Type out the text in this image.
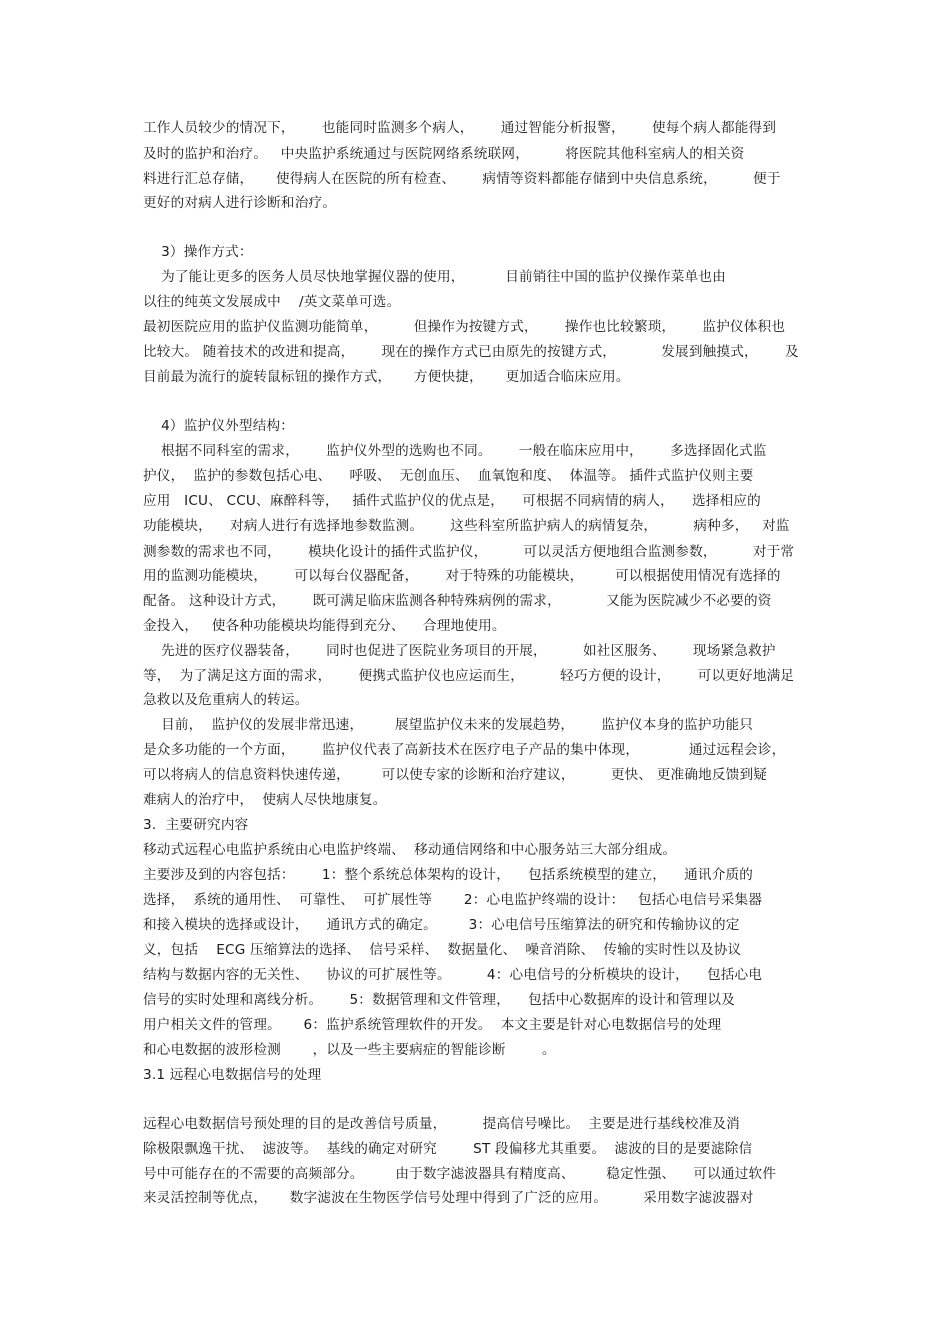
工作人员较少的情况下，      也能同时监测多个病人，      通过智能分析报警，      使每个病人都能得到
及时的监护和治疗。   中央监护系统通过与医院网络系统联网，        将医院其他科室病人的相关资
料进行汇总存储，     使得病人在医院的所有检查、      病情等资料都能存储到中央信息系统，        便于
更好的对病人进行诊断和治疗。
3）操作方式：
为了能让更多的医务人员尽快地掌握仪器的使用，         目前销往中国的监护仪操作菜单也由
以往的纯英文发展成中    /英文菜单可选。
最初医院应用的监护仪监测功能简单，        但操作为按键方式，      操作也比较繁琐，      监护仪体积也
比较大。 随着技术的改进和提高，      现在的操作方式已由原先的按键方式，          发展到触摸式，      及
目前最为流行的旋转鼠标钮的操作方式，     方便快捷，     更加适合临床应用。
4）监护仪外型结构：
根据不同科室的需求，      监护仪外型的选购也不同。      一般在临床应用中，      多选择固化式监
护仪，  监护的参数包括心电、    呼吸、  无创血压、  血氧饱和度、  体温等。 插件式监护仪则主要
应用   ICU、 CCU、麻醉科等，   插件式监护仪的优点是，    可根据不同病情的病人，    选择相应的
功能模块，    对病人进行有选择地参数监测。      这些科室所监护病人的病情复杂，        病种多，   对监
测参数的需求也不同，      模块化设计的插件式监护仪，        可以灵活方便地组合监测参数，        对于常
用的监测功能模块，      可以每台仪器配备，      对于特殊的功能模块，       可以根据使用情况有选择的
配备。 这种设计方式，      既可满足临床监测各种特殊病例的需求，          又能为医院减少不必要的资
金投入，   使各种功能模块均能得到充分、    合理地使用。
先进的医疗仪器装备，      同时也促进了医院业务项目的开展，        如社区服务、      现场紧急救护
等，  为了满足这方面的需求，      便携式监护仪也应运而生，        轻巧方便的设计，      可以更好地满足
急救以及危重病人的转运。
目前，  监护仪的发展非常迅速，       展望监护仪未来的发展趋势，      监护仪本身的监护功能只
是众多功能的一个方面，      监护仪代表了高新技术在医疗电子产品的集中体现，           通过远程会诊，
可以将病人的信息资料快速传递，       可以使专家的诊断和治疗建议，        更快、 更准确地反馈到疑
难病人的治疗中，  使病人尽快地康复。
3．主要研究内容
移动式远程心电监护系统由心电监护终端、  移动通信网络和中心服务站三大部分组成。
主要涉及到的内容包括：      1：整个系统总体架构的设计，    包括系统模型的建立，    通讯介质的
选择，  系统的通用性、  可靠性、  可扩展性等       2：心电监护终端的设计：   包括心电信号采集器
和接入模块的选择或设计，    通讯方式的确定。       3：心电信号压缩算法的研究和传输协议的定
义，包括    ECG 压缩算法的选择、  信号采样、  数据量化、  噪音消除、  传输的实时性以及协议
结构与数据内容的无关性、    协议的可扩展性等。        4：心电信号的分析模块的设计，    包括心电
信号的实时处理和离线分析。      5：数据管理和文件管理，    包括中心数据库的设计和管理以及
用户相关文件的管理。     6：监护系统管理软件的开发。  本文主要是针对心电数据信号的处理
和心电数据的波形检测       ，以及一些主要病症的智能诊断        。
3.1 远程心电数据信号的处理
远程心电数据信号预处理的目的是改善信号质量，        提高信号噪比。  主要是进行基线校准及消
除极限飘逸干扰、  滤波等。  基线的确定对研究        ST 段偏移尤其重要。  滤波的目的是要滤除信
号中可能存在的不需要的高频部分。       由于数字滤波器具有精度高、       稳定性强、    可以通过软件
来灵活控制等优点，     数字滤波在生物医学信号处理中得到了广泛的应用。        采用数字滤波器对
